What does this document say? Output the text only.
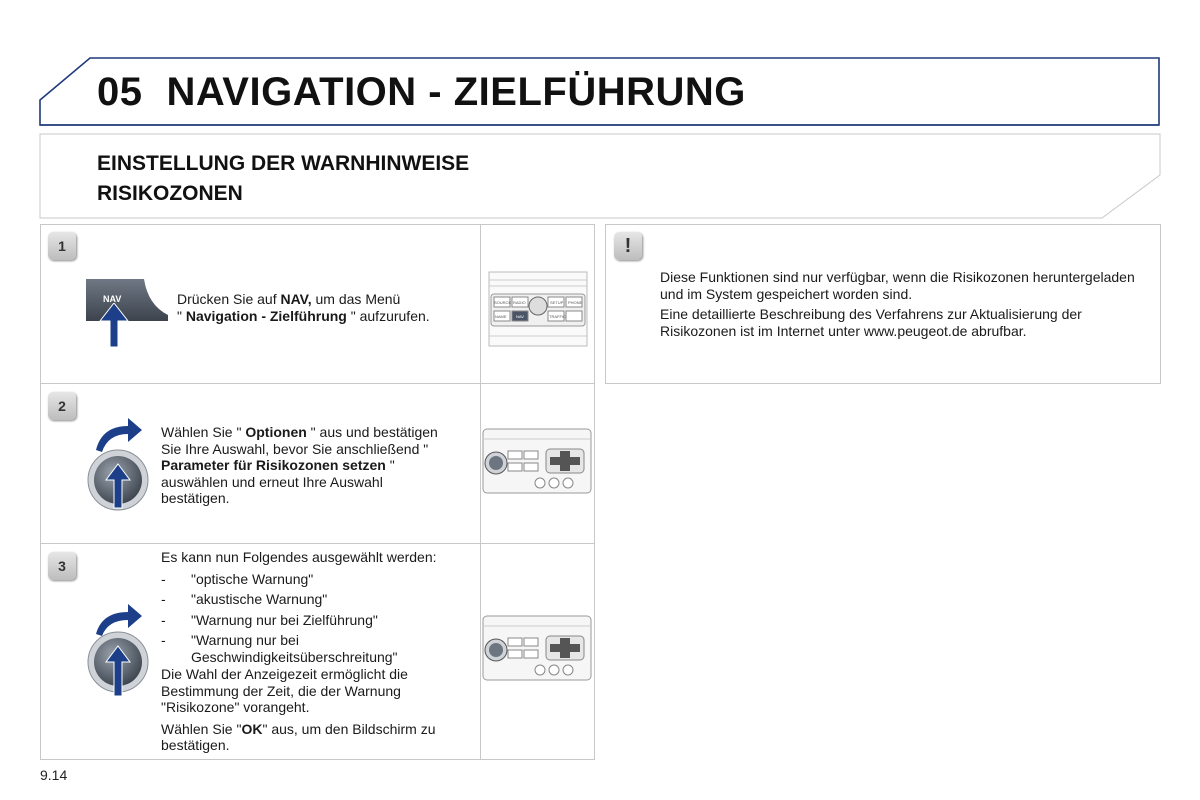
05 NAVIGATION - ZIELFÜHRUNG
EINSTELLUNG DER WARNHINWEISE
RISIKOZONEN
1
NAV	Drücken Sie auf NAV, um das Menü
" Navigation - Zielführung " aufzurufen.
SOURCE RADIO	SETUP PHONE
NAME NAV	TRAFFIC
2
Wählen Sie " Optionen " aus und bestätigen Sie Ihre Auswahl, bevor Sie anschließend " Parameter für Risikozonen setzen " auswählen und erneut Ihre Auswahl bestätigen.
3

Es kann nun Folgendes ausgewählt werden:

- "optische Warnung"
- "akustische Warnung"
- "Warnung nur bei Zielführung"
- "Warnung nur bei Geschwindigkeitsüberschreitung"

Die Wahl der Anzeigezeit ermöglicht die Bestimmung der Zeit, die der Warnung "Risikozone" vorangeht.

Wählen Sie "OK" aus, um den Bildschirm zu bestätigen.

!

Diese Funktionen sind nur verfügbar, wenn die Risikozonen heruntergeladen und im System gespeichert worden sind.

Eine detaillierte Beschreibung des Verfahrens zur Aktualisierung der Risikozonen ist im Internet unter www.peugeot.de abrufbar.

9.14
